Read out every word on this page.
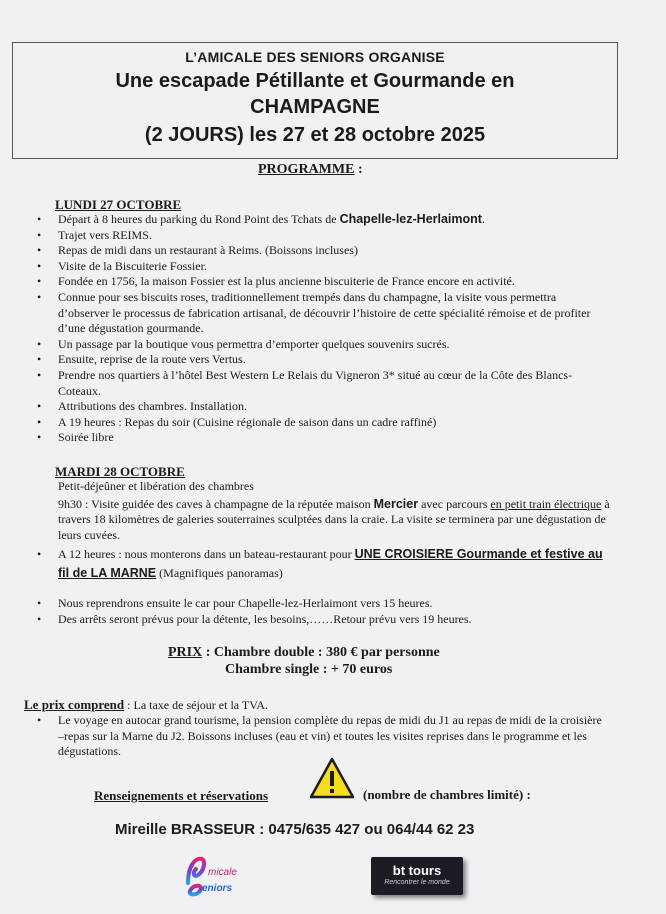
L’AMICALE DES SENIORS ORGANISE
Une escapade Pétillante et Gourmande en
CHAMPAGNE
(2 JOURS) les 27 et 28 octobre 2025
PROGRAMME :
LUNDI 27 OCTOBRE
• Départ à 8 heures du parking du Rond Point des Tchats de Chapelle-lez-Herlaimont.
• Trajet vers REIMS.
• Repas de midi dans un restaurant à Reims. (Boissons incluses)
• Visite de la Biscuiterie Fossier.
• Fondée en 1756, la maison Fossier est la plus ancienne biscuiterie de France encore en activité.
• Connue pour ses biscuits roses, traditionnellement trempés dans du champagne, la visite vous permettra d’observer le processus de fabrication artisanal, de découvrir l’histoire de cette spécialité rémoise et de profiter d’une dégustation gourmande.
• Un passage par la boutique vous permettra d’emporter quelques souvenirs sucrés.
• Ensuite, reprise de la route vers Vertus.
• Prendre nos quartiers à l’hôtel Best Western Le Relais du Vigneron 3* situé au cœur de la Côte des Blancs-Coteaux.
• Attributions des chambres. Installation.
• A 19 heures : Repas du soir (Cuisine régionale de saison dans un cadre raffiné)
• Soirée libre
MARDI 28 OCTOBRE
Petit-déjeûner et libération des chambres
9h30 : Visite guidée des caves à champagne de la réputée maison Mercier avec parcours en petit train électrique à travers 18 kilomètres de galeries souterraines sculptées dans la craie. La visite se terminera par une dégustation de leurs cuvées.
• A 12 heures : nous monterons dans un bateau-restaurant pour UNE CROISIERE Gourmande et festive au fil de LA MARNE (Magnifiques panoramas)
• Nous reprendrons ensuite le car pour Chapelle-lez-Herlaimont vers 15 heures.
• Des arrêts seront prévus pour la détente, les besoins,……Retour prévu vers 19 heures.
PRIX : Chambre double : 380 € par personne
Chambre single : + 70 euros
Le prix comprend : La taxe de séjour et la TVA.
• Le voyage en autocar grand tourisme, la pension complète du repas de midi du J1 au repas de midi de la croisière –repas sur la Marne du J2. Boissons incluses (eau et vin) et toutes les visites reprises dans le programme et les dégustations.
Renseignements et réservations	(nombre de chambres limité) :
Mireille BRASSEUR : 0475/635 427 ou 064/44 62 23
micale
eniors
bt tours
Rencontrer le monde
